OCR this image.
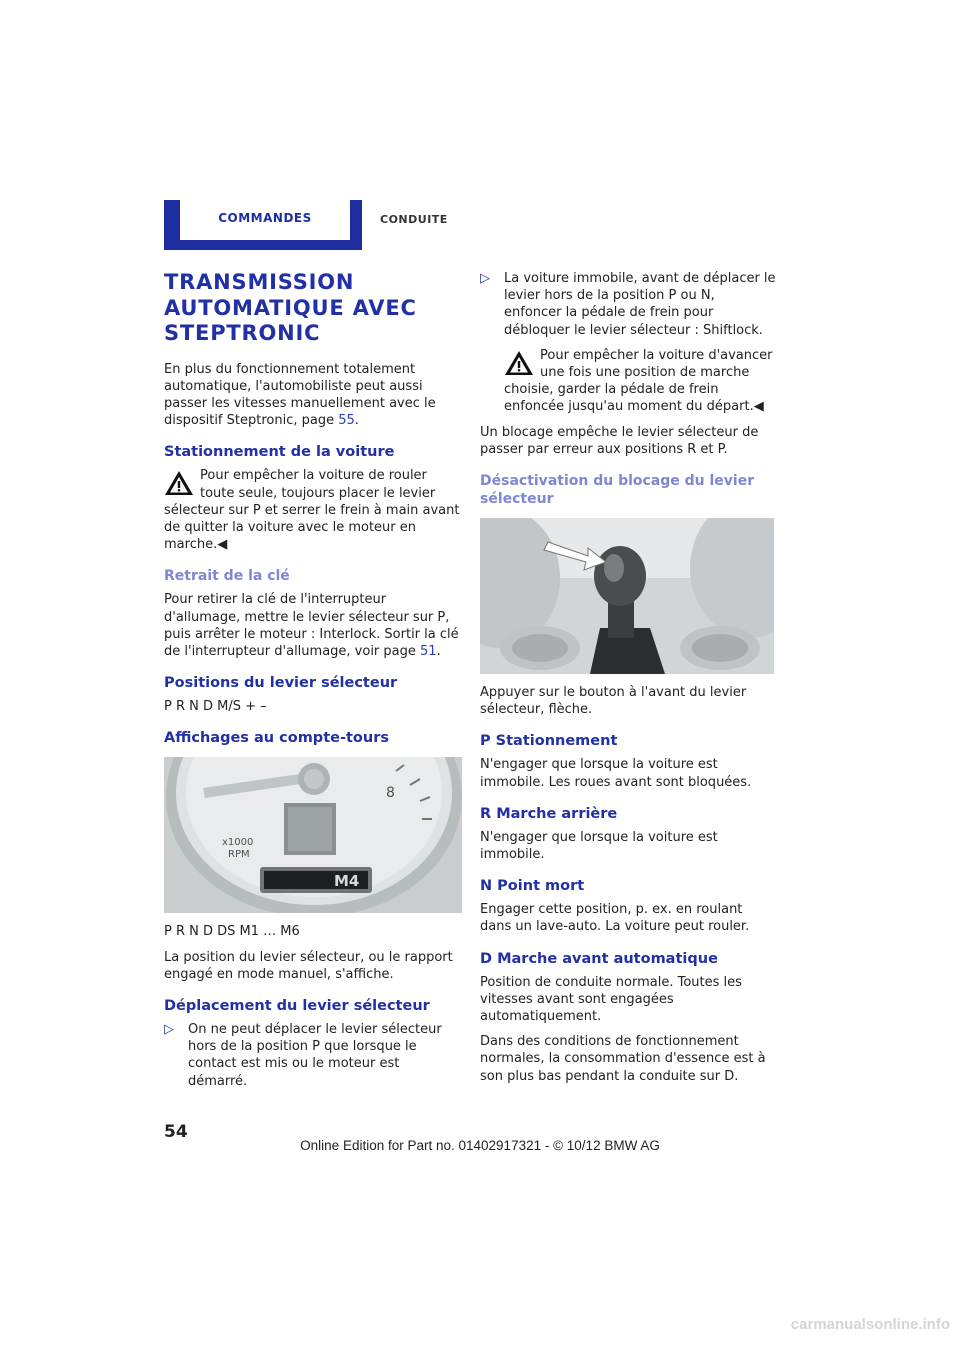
COMMANDES	CONDUITE
TRANSMISSION AUTOMATIQUE AVEC STEPTRONIC

En plus du fonctionnement totalement automatique, l'automobiliste peut aussi passer les vitesses manuellement avec le dispositif Steptronic, page 55.

Stationnement de la voiture
Pour empêcher la voiture de rouler toute seule, toujours placer le levier sélecteur sur P et serrer le frein à main avant de quitter la voiture avec le moteur en marche.◀
Retrait de la clé

Pour retirer la clé de l'interrupteur d'allumage, mettre le levier sélecteur sur P, puis arrêter le moteur : Interlock. Sortir la clé de l'interrupteur d'allumage, voir page 51.

Positions du levier sélecteur

P R N D M/S + –

Affichages au compte-tours
8
x1000
RPM
M4

P R N D DS M1 … M6

La position du levier sélecteur, ou le rapport engagé en mode manuel, s'affiche.

Déplacement du levier sélecteur
▷ On ne peut déplacer le levier sélecteur hors de la position P que lorsque le contact est mis ou le moteur est démarré.
▷ La voiture immobile, avant de déplacer le levier hors de la position P ou N, enfoncer la pédale de frein pour débloquer le levier sélecteur : Shiftlock.
Pour empêcher la voiture d'avancer une fois une position de marche choisie, garder la pédale de frein enfoncée jusqu'au moment du départ.◀

Un blocage empêche le levier sélecteur de passer par erreur aux positions R et P.

Désactivation du blocage du levier sélecteur

Appuyer sur le bouton à l'avant du levier sélecteur, flèche.

P Stationnement

N'engager que lorsque la voiture est immobile. Les roues avant sont bloquées.

R Marche arrière

N'engager que lorsque la voiture est immobile.

N Point mort

Engager cette position, p. ex. en roulant dans un lave-auto. La voiture peut rouler.

D Marche avant automatique

Position de conduite normale. Toutes les vitesses avant sont engagées automatiquement.

Dans des conditions de fonctionnement normales, la consommation d'essence est à son plus bas pendant la conduite sur D.

54
Online Edition for Part no. 01402917321 - © 10/12 BMW AG
carmanualsonline.info
